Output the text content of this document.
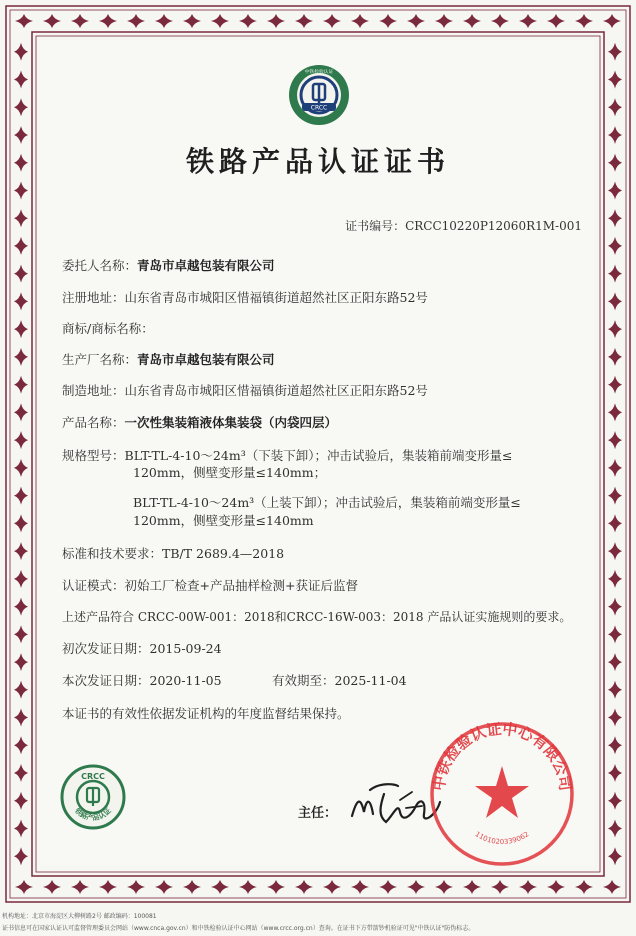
CRCC
中铁检验认证
铁路产品认证证书
证书编号：CRCC10220P12060R1M-001
委托人名称：青岛市卓越包装有限公司
注册地址：山东省青岛市城阳区惜福镇街道超然社区正阳东路52号
商标/商标名称：
生产厂名称：青岛市卓越包装有限公司
制造地址：山东省青岛市城阳区惜福镇街道超然社区正阳东路52号
产品名称：一次性集装箱液体集装袋（内袋四层）
规格型号：BLT-TL-4-10～24m³（下装下卸）；冲击试验后，集装箱前端变形量≤
120mm，侧壁变形量≤140mm；
BLT-TL-4-10～24m³（上装下卸）；冲击试验后，集装箱前端变形量≤
120mm，侧壁变形量≤140mm
标准和技术要求：TB/T 2689.4—2018
认证模式：初始工厂检查+产品抽样检测+获证后监督
上述产品符合 CRCC-00W-001：2018和CRCC-16W-003：2018 产品认证实施规则的要求。
初次发证日期：2015-09-24
本次发证日期：2020-11-05	有效期至：2025-11-04
本证书的有效性依据发证机构的年度监督结果保持。
CRCC
铁路产品认证	主任：
中铁检验认证中心有限公司
1101020339062
机构地址：北京市海淀区大柳树路2号 邮政编码：100081
证书信息可在国家认证认可监督管理委员会网站（www.cnca.gov.cn）和中铁检验认证中心网站（www.crcc.org.cn）查询。在证书下方带箭钞机验证可见"中铁认证"防伪标志。
